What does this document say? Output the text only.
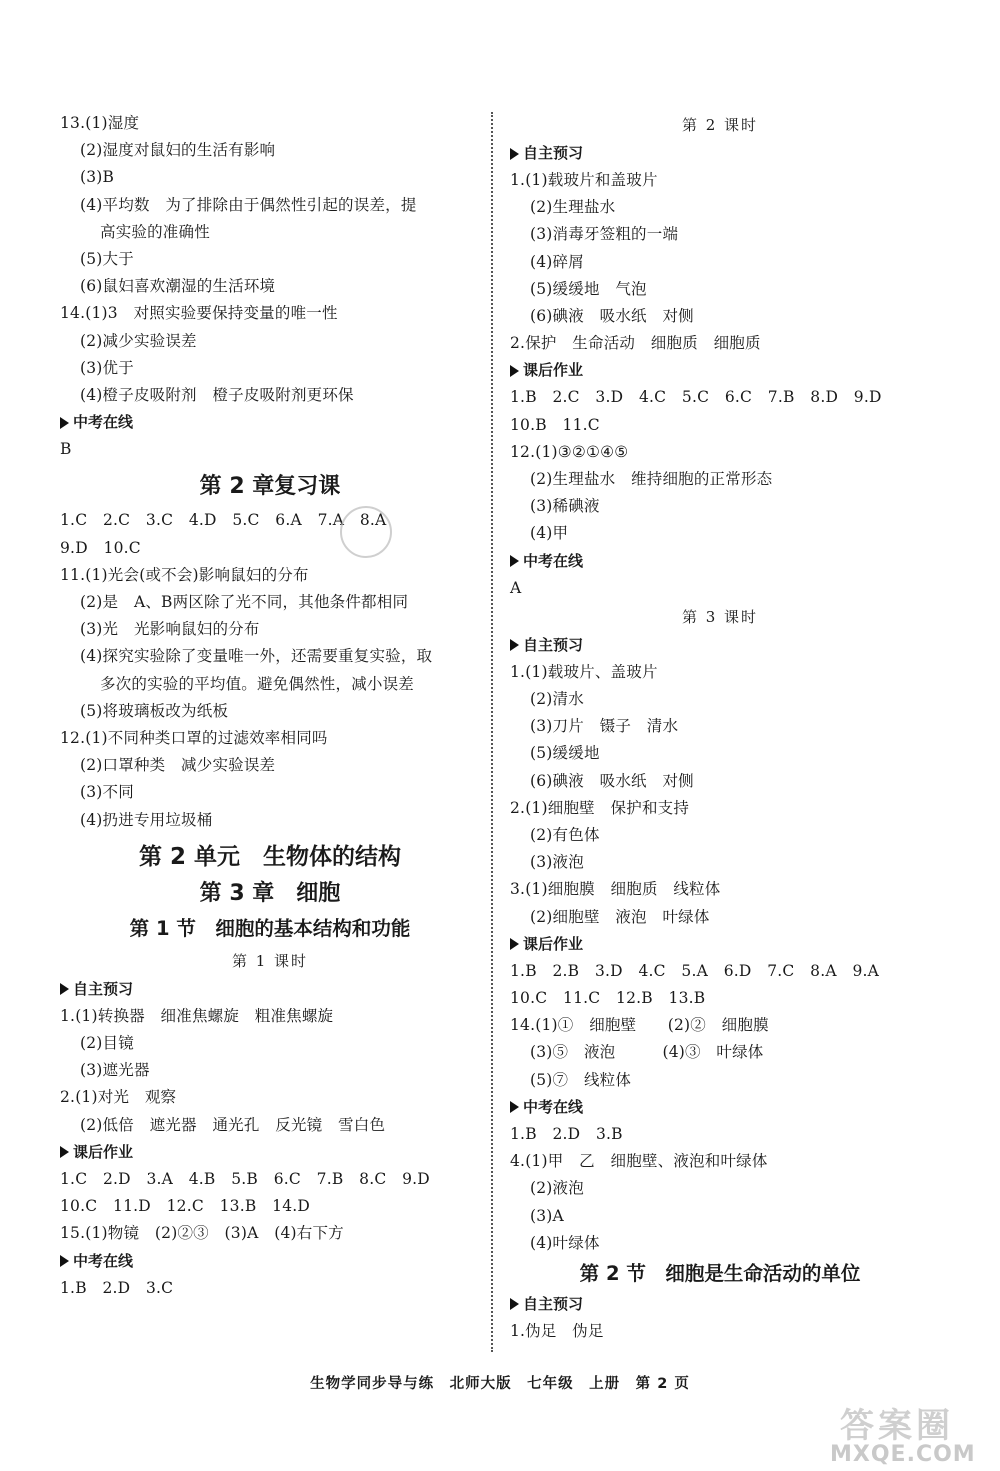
13.(1)湿度
(2)湿度对鼠妇的生活有影响
(3)B
(4)平均数　为了排除由于偶然性引起的误差，提
高实验的准确性
(5)大于
(6)鼠妇喜欢潮湿的生活环境
14.(1)3　对照实验要保持变量的唯一性
(2)减少实验误差
(3)优于
(4)橙子皮吸附剂　橙子皮吸附剂更环保
中考在线
B
第 2 章复习课
1.C　2.C　3.C　4.D　5.C　6.A　7.A　8.A
9.D　10.C
11.(1)光会(或不会)影响鼠妇的分布
(2)是　A、B两区除了光不同，其他条件都相同
(3)光　光影响鼠妇的分布
(4)探究实验除了变量唯一外，还需要重复实验，取
多次的实验的平均值。避免偶然性，减小误差
(5)将玻璃板改为纸板
12.(1)不同种类口罩的过滤效率相同吗
(2)口罩种类　减少实验误差
(3)不同
(4)扔进专用垃圾桶
第 2 单元　生物体的结构
第 3 章　细胞
第 1 节　细胞的基本结构和功能
第 1 课时
自主预习
1.(1)转换器　细准焦螺旋　粗准焦螺旋
(2)目镜
(3)遮光器
2.(1)对光　观察
(2)低倍　遮光器　通光孔　反光镜　雪白色
课后作业
1.C　2.D　3.A　4.B　5.B　6.C　7.B　8.C　9.D
10.C　11.D　12.C　13.B　14.D
15.(1)物镜　(2)②③　(3)A　(4)右下方
中考在线
1.B　2.D　3.C
第 2 课时
自主预习
1.(1)载玻片和盖玻片
(2)生理盐水
(3)消毒牙签粗的一端
(4)碎屑
(5)缓缓地　气泡
(6)碘液　吸水纸　对侧
2.保护　生命活动　细胞质　细胞质
课后作业
1.B　2.C　3.D　4.C　5.C　6.C　7.B　8.D　9.D
10.B　11.C
12.(1)③②①④⑤
(2)生理盐水　维持细胞的正常形态
(3)稀碘液
(4)甲
中考在线
A
第 3 课时
自主预习
1.(1)载玻片、盖玻片
(2)清水
(3)刀片　镊子　清水
(5)缓缓地
(6)碘液　吸水纸　对侧
2.(1)细胞壁　保护和支持
(2)有色体
(3)液泡
3.(1)细胞膜　细胞质　线粒体
(2)细胞壁　液泡　叶绿体
课后作业
1.B　2.B　3.D　4.C　5.A　6.D　7.C　8.A　9.A
10.C　11.C　12.B　13.B
14.(1)①　细胞壁　　(2)②　细胞膜
(3)⑤　液泡　　　(4)③　叶绿体
(5)⑦　线粒体
中考在线
1.B　2.D　3.B
4.(1)甲　乙　细胞壁、液泡和叶绿体
(2)液泡
(3)A
(4)叶绿体
第 2 节　细胞是生命活动的单位
自主预习
1.伪足　伪足
生物学同步导与练　北师大版　七年级　上册　第 2 页
答案圈
MXQE.COM
